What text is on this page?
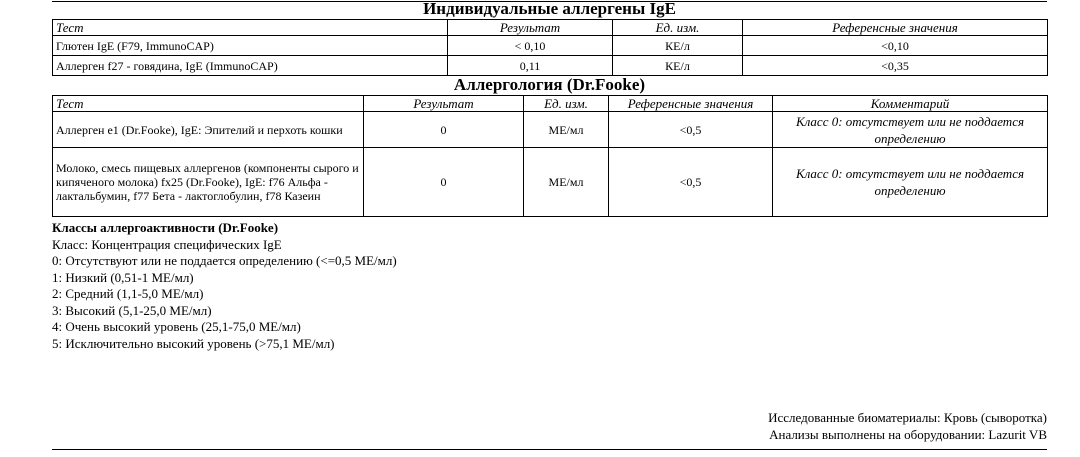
Индивидуальные аллергены IgE
Тест	Результат	Ед. изм.	Референсные значения
Глютен IgE (F79, ImmunoCAP)	< 0,10	КЕ/л	<0,10
Аллерген f27 - говядина, IgE (ImmunoCAP)	0,11	КЕ/л	<0,35
Аллергология (Dr.Fooke)
Тест	Результат	Ед. изм.	Референсные значения	Комментарий
Аллерген e1 (Dr.Fooke), IgE: Эпителий и перхоть кошки	0	МЕ/мл	<0,5	Класс 0: отсутствует или не поддается определению
Молоко, смесь пищевых аллергенов (компоненты сырого и кипяченого молока) fx25 (Dr.Fooke), IgE: f76 Альфа - лактальбумин, f77 Бета - лактоглобулин, f78 Казеин	0	МЕ/мл	<0,5	Класс 0: отсутствует или не поддается определению
Классы аллергоактивности (Dr.Fooke)
Класс: Концентрация специфических IgE
0: Отсутствуют или не поддается определению (<=0,5 МЕ/мл)
1: Низкий (0,51-1 МЕ/мл)
2: Средний (1,1-5,0 МЕ/мл)
3: Высокий (5,1-25,0 МЕ/мл)
4: Очень высокий уровень (25,1-75,0 МЕ/мл)
5: Исключительно высокий уровень (>75,1 МЕ/мл)
Исследованные биоматериалы: Кровь (сыворотка)
Анализы выполнены на оборудовании: Lazurit VB
